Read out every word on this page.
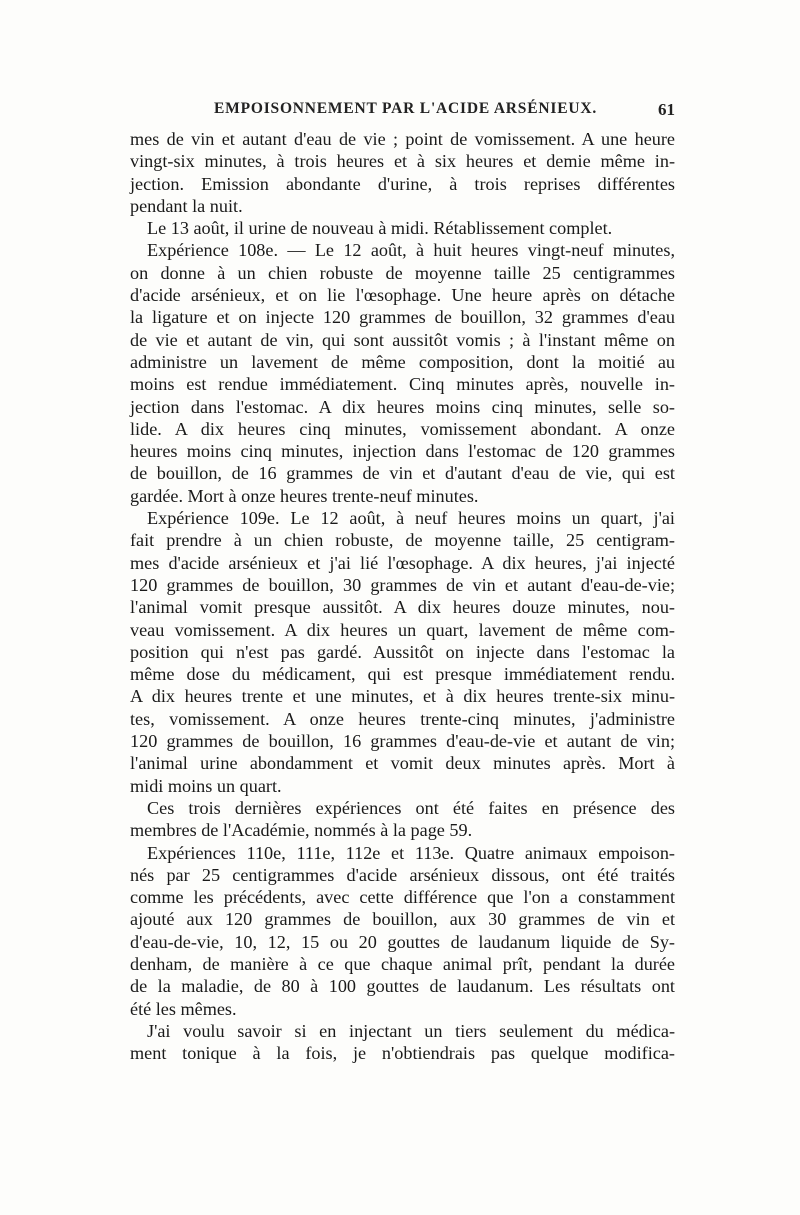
EMPOISONNEMENT PAR L'ACIDE ARSÉNIEUX.	61
mes de vin et autant d'eau de vie ; point de vomissement. A une heure
vingt-six minutes, à trois heures et à six heures et demie même in-
jection. Emission abondante d'urine, à trois reprises différentes
pendant la nuit.
Le 13 août, il urine de nouveau à midi. Rétablissement complet.
Expérience 108e. — Le 12 août, à huit heures vingt-neuf minutes,
on donne à un chien robuste de moyenne taille 25 centigrammes
d'acide arsénieux, et on lie l'œsophage. Une heure après on détache
la ligature et on injecte 120 grammes de bouillon, 32 grammes d'eau
de vie et autant de vin, qui sont aussitôt vomis ; à l'instant même on
administre un lavement de même composition, dont la moitié au
moins est rendue immédiatement. Cinq minutes après, nouvelle in-
jection dans l'estomac. A dix heures moins cinq minutes, selle so-
lide. A dix heures cinq minutes, vomissement abondant. A onze
heures moins cinq minutes, injection dans l'estomac de 120 grammes
de bouillon, de 16 grammes de vin et d'autant d'eau de vie, qui est
gardée. Mort à onze heures trente-neuf minutes.
Expérience 109e. Le 12 août, à neuf heures moins un quart, j'ai
fait prendre à un chien robuste, de moyenne taille, 25 centigram-
mes d'acide arsénieux et j'ai lié l'œsophage. A dix heures, j'ai injecté
120 grammes de bouillon, 30 grammes de vin et autant d'eau-de-vie;
l'animal vomit presque aussitôt. A dix heures douze minutes, nou-
veau vomissement. A dix heures un quart, lavement de même com-
position qui n'est pas gardé. Aussitôt on injecte dans l'estomac la
même dose du médicament, qui est presque immédiatement rendu.
A dix heures trente et une minutes, et à dix heures trente-six minu-
tes, vomissement. A onze heures trente-cinq minutes, j'administre
120 grammes de bouillon, 16 grammes d'eau-de-vie et autant de vin;
l'animal urine abondamment et vomit deux minutes après. Mort à
midi moins un quart.
Ces trois dernières expériences ont été faites en présence des
membres de l'Académie, nommés à la page 59.
Expériences 110e, 111e, 112e et 113e. Quatre animaux empoison-
nés par 25 centigrammes d'acide arsénieux dissous, ont été traités
comme les précédents, avec cette différence que l'on a constamment
ajouté aux 120 grammes de bouillon, aux 30 grammes de vin et
d'eau-de-vie, 10, 12, 15 ou 20 gouttes de laudanum liquide de Sy-
denham, de manière à ce que chaque animal prît, pendant la durée
de la maladie, de 80 à 100 gouttes de laudanum. Les résultats ont
été les mêmes.
J'ai voulu savoir si en injectant un tiers seulement du médica-
ment tonique à la fois, je n'obtiendrais pas quelque modifica-
